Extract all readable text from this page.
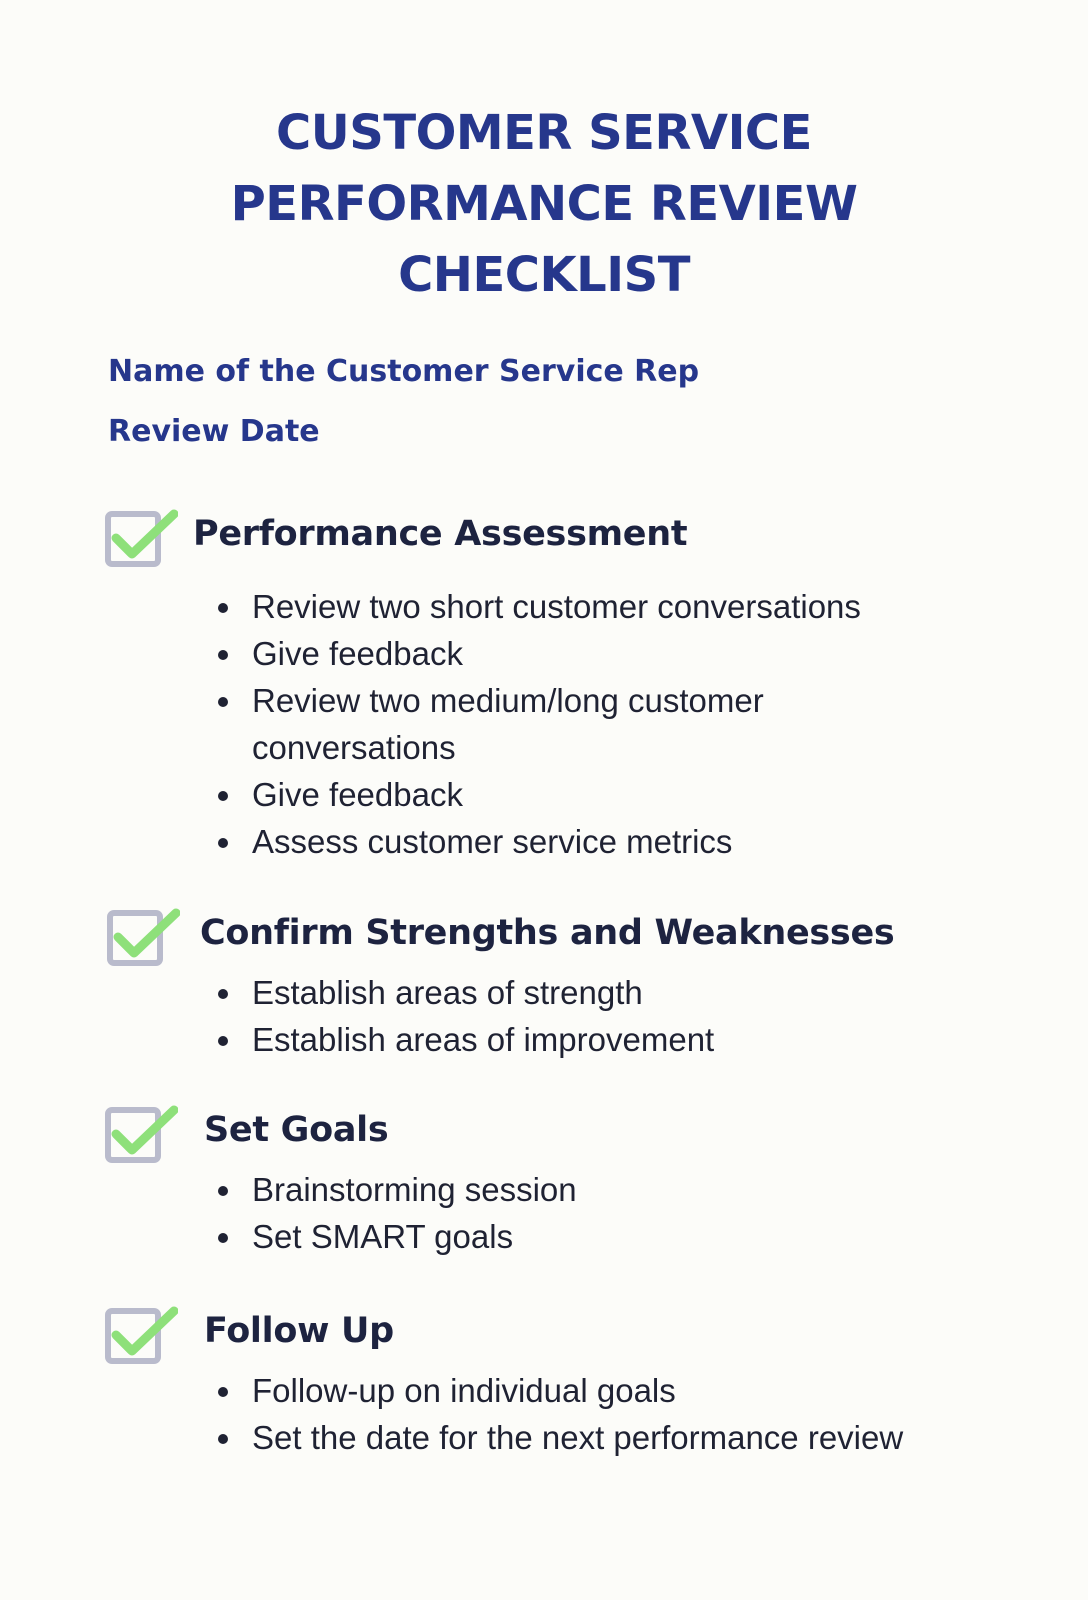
CUSTOMER SERVICE
PERFORMANCE REVIEW
CHECKLIST
Name of the Customer Service Rep
Review Date
Performance Assessment
Review two short customer conversations
Give feedback
Review two medium/long customer conversations
Give feedback
Assess customer service metrics
Confirm Strengths and Weaknesses
Establish areas of strength
Establish areas of improvement
Set Goals
Brainstorming session
Set SMART goals
Follow Up
Follow-up on individual goals
Set the date for the next performance review
